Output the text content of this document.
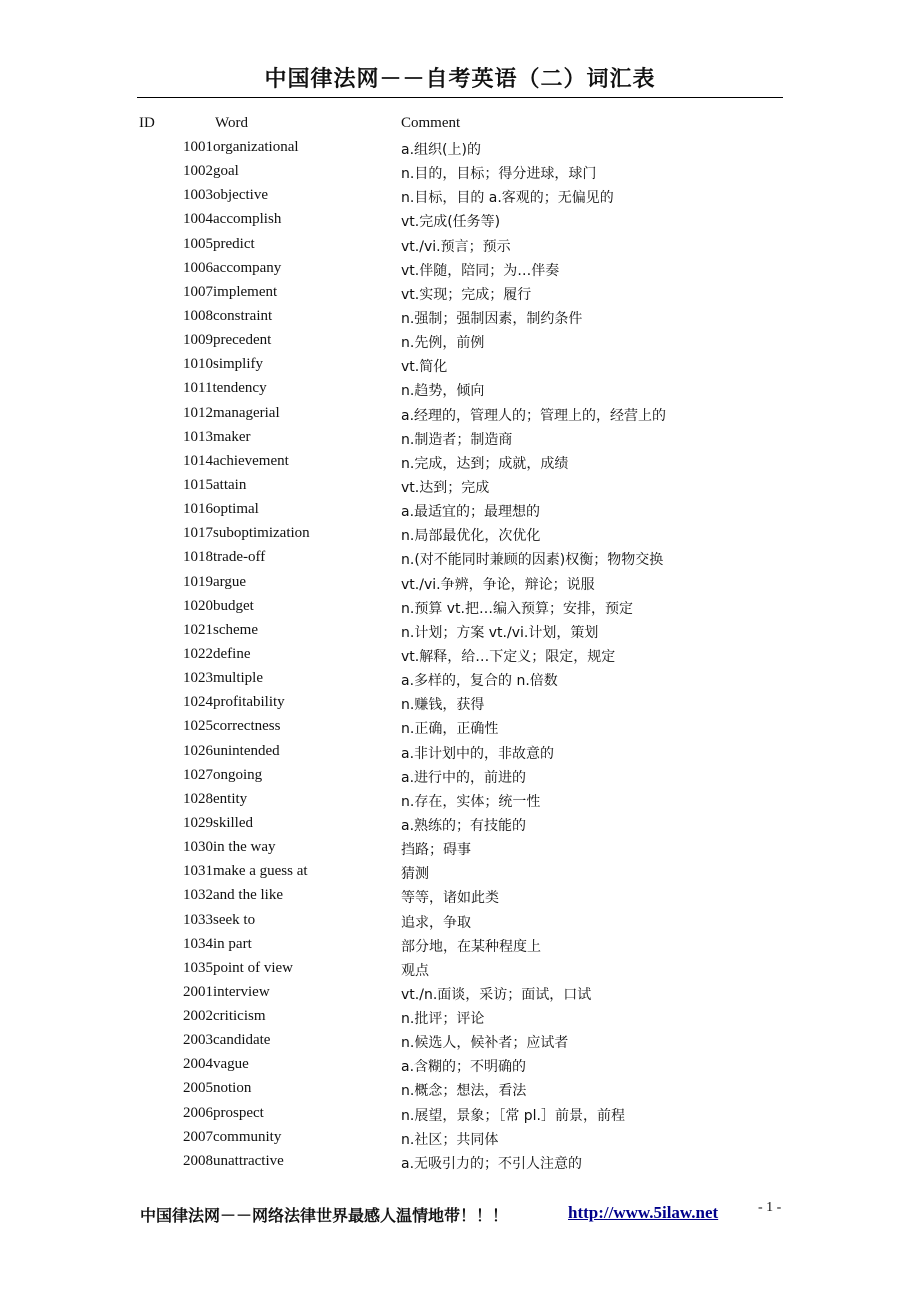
中国律法网－－自考英语（二）词汇表
ID	Word	Comment
1001organizational	a.组织(上)的
1002goal	n.目的，目标；得分进球，球门
1003objective	n.目标，目的 a.客观的；无偏见的
1004accomplish	vt.完成(任务等)
1005predict	vt./vi.预言；预示
1006accompany	vt.伴随，陪同；为…伴奏
1007implement	vt.实现；完成；履行
1008constraint	n.强制；强制因素，制约条件
1009precedent	n.先例，前例
1010simplify	vt.简化
1011tendency	n.趋势，倾向
1012managerial	a.经理的，管理人的；管理上的，经营上的
1013maker	n.制造者；制造商
1014achievement	n.完成，达到；成就，成绩
1015attain	vt.达到；完成
1016optimal	a.最适宜的；最理想的
1017suboptimization	n.局部最优化，次优化
1018trade-off	n.(对不能同时兼顾的因素)权衡；物物交换
1019argue	vt./vi.争辨，争论，辩论；说服
1020budget	n.预算 vt.把…编入预算；安排，预定
1021scheme	n.计划；方案 vt./vi.计划，策划
1022define	vt.解释，给…下定义；限定，规定
1023multiple	a.多样的，复合的 n.倍数
1024profitability	n.赚钱，获得
1025correctness	n.正确，正确性
1026unintended	a.非计划中的，非故意的
1027ongoing	a.进行中的，前进的
1028entity	n.存在，实体；统一性
1029skilled	a.熟练的；有技能的
1030in the way	挡路；碍事
1031make a guess at	猜测
1032and the like	等等，诸如此类
1033seek to	追求，争取
1034in part	部分地，在某种程度上
1035point of view	观点
2001interview	vt./n.面谈，采访；面试，口试
2002criticism	n.批评；评论
2003candidate	n.候选人，候补者；应试者
2004vague	a.含糊的；不明确的
2005notion	n.概念；想法，看法
2006prospect	n.展望，景象；［常 pl.］前景，前程
2007community	n.社区；共同体
2008unattractive	a.无吸引力的；不引人注意的
中国律法网－－网络法律世界最感人温情地带！！！	http://www.5ilaw.net	- 1 -
